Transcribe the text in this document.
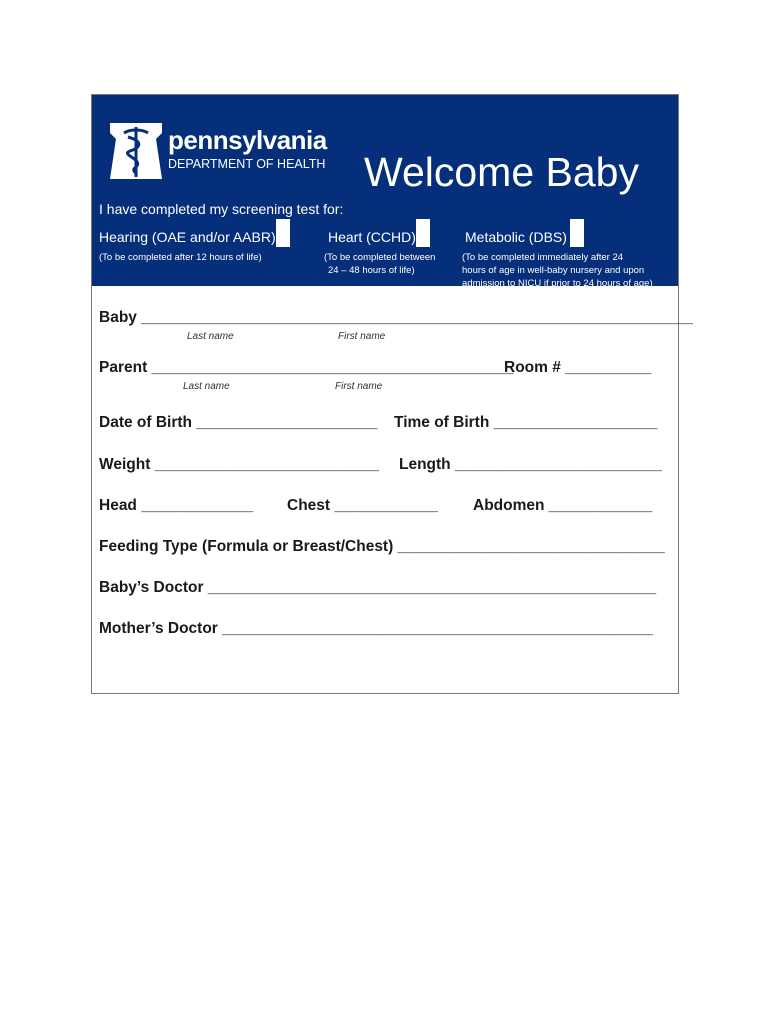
pennsylvania
DEPARTMENT OF HEALTH Welcome Baby
I have completed my screening test for:
Hearing (OAE and/or AABR)
(To be completed after 12 hours of life)
Heart (CCHD)
(To be completed between
24 – 48 hours of life)
Metabolic (DBS)
(To be completed immediately after 24
hours of age in well-baby nursery and upon
admission to NICU if prior to 24 hours of age)
Baby ________________________________________________________________
Last name	First name
Parent __________________________________________
Room # __________
Last name	First name
Date of Birth _____________________ Time of Birth ___________________
Weight __________________________ Length ________________________
Head _____________ Chest ____________ Abdomen ____________
Feeding Type (Formula or Breast/Chest) _______________________________
Baby’s Doctor ____________________________________________________
Mother’s Doctor __________________________________________________
